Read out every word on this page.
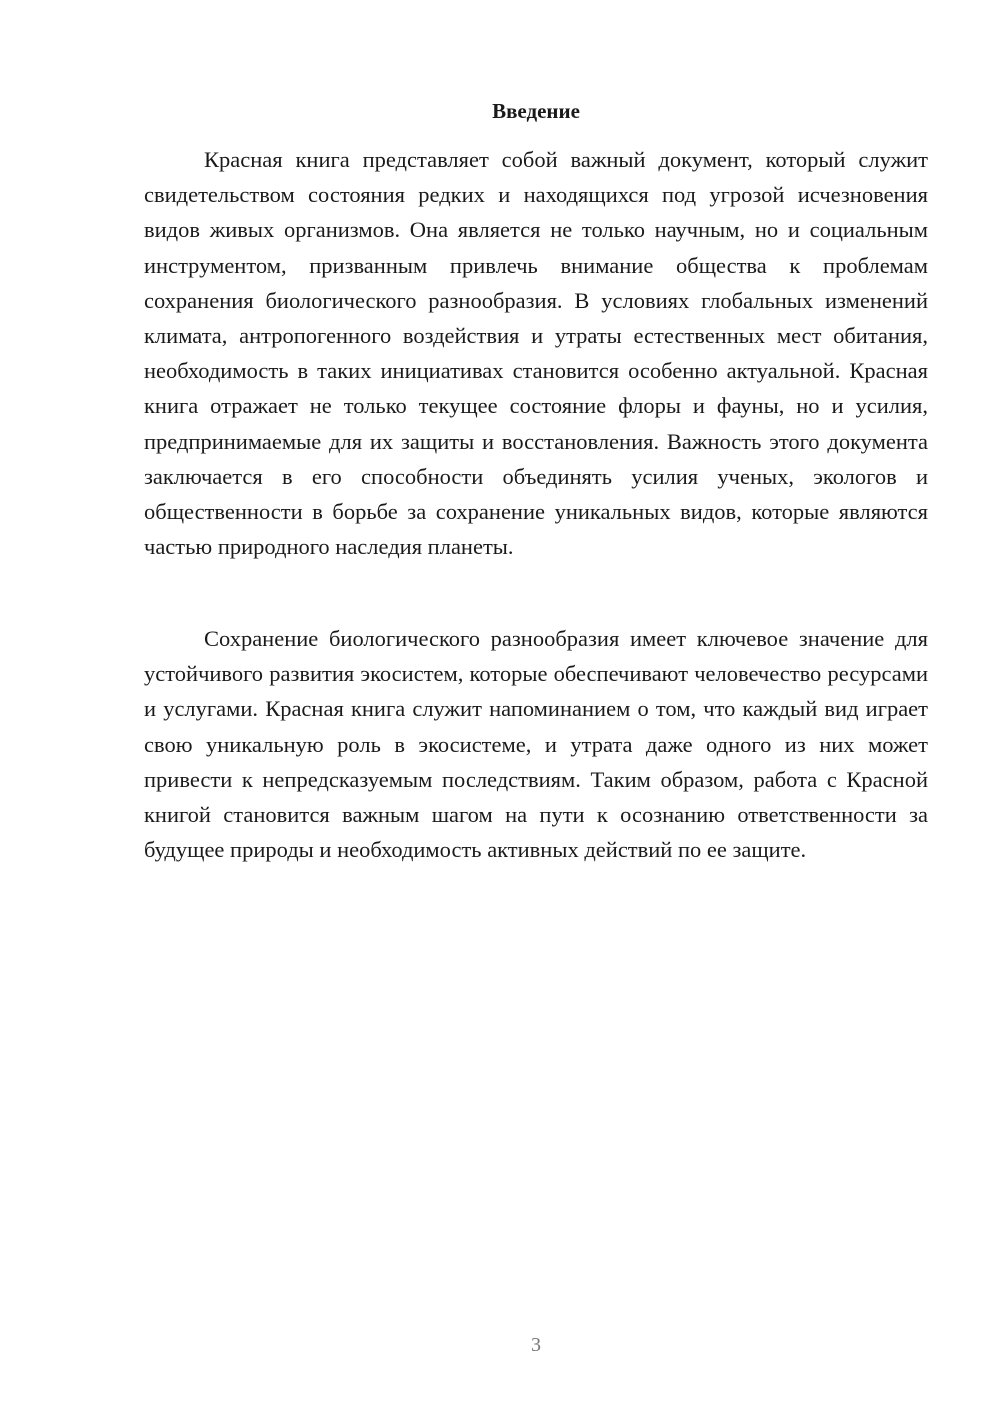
Введение

Красная книга представляет собой важный документ, который служит свидетельством состояния редких и находящихся под угрозой исчезновения видов живых организмов. Она является не только научным, но и социальным инструментом, призванным привлечь внимание общества к проблемам сохранения биологического разнообразия. В условиях глобальных изменений климата, антропогенного воздействия и утраты естественных мест обитания, необходимость в таких инициативах становится особенно актуальной. Красная книга отражает не только текущее состояние флоры и фауны, но и усилия, предпринимаемые для их защиты и восстановления. Важность этого документа заключается в его способности объединять усилия ученых, экологов и общественности в борьбе за сохранение уникальных видов, которые являются частью природного наследия планеты.

Сохранение биологического разнообразия имеет ключевое значение для устойчивого развития экосистем, которые обеспечивают человечество ресурсами и услугами. Красная книга служит напоминанием о том, что каждый вид играет свою уникальную роль в экосистеме, и утрата даже одного из них может привести к непредсказуемым последствиям. Таким образом, работа с Красной книгой становится важным шагом на пути к осознанию ответственности за будущее природы и необходимость активных действий по ее защите.

3
